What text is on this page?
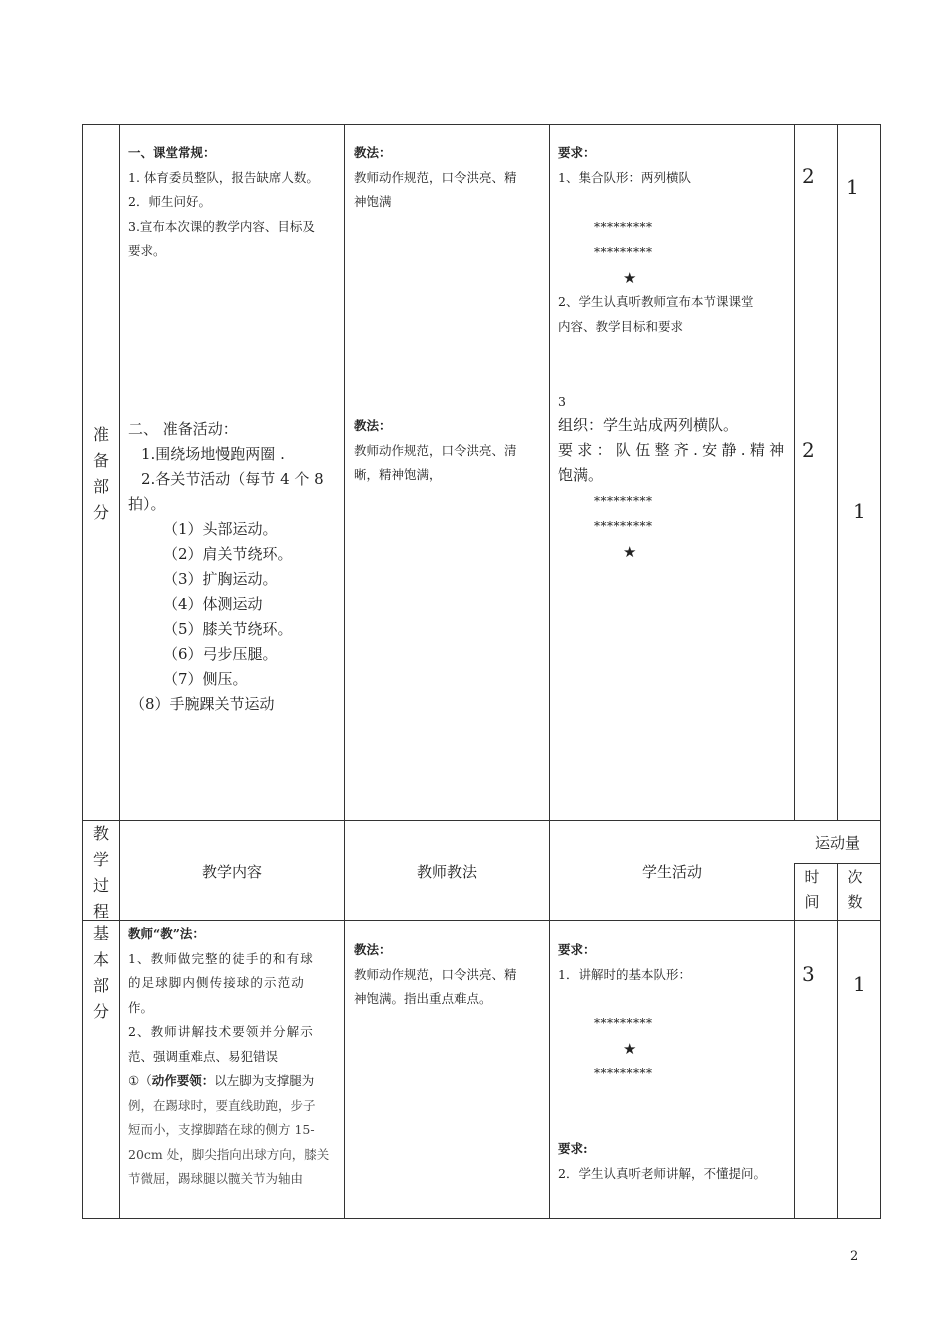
准
备
部
分
一、课堂常规：
1. 体育委员整队，报告缺席人数。
2．师生问好。
3.宣布本次课的教学内容、目标及
要求。
教法：
教师动作规范，口令洪亮、精
神饱满
要求：
1、集合队形：两列横队
*********
*********
★
2、学生认真听教师宣布本节课课堂
内容、教学目标和要求
2 1
二、 准备活动：
1.围绕场地慢跑两圈 .
2.各关节活动（每节 4 个 8
拍）。
（1）头部运动。
（2）肩关节绕环。
（3）扩胸运动。
（4）体测运动
（5）膝关节绕环。
（6）弓步压腿。
（7）侧压。
（8）手腕踝关节运动
教法：
教师动作规范，口令洪亮、清
晰，精神饱满，
3
组织：学生站成两列横队。
要求：队伍整齐.安静.精神
饱满。
*********
*********
★
2
1
教
学
过
程
教学内容	教师教法	学生活动
运动量
时
间
次
数
基
本
部
分
教师“教”法：
1、教师做完整的徒手的和有球
的足球脚内侧传接球的示范动
作。
2、教师讲解技术要领并分解示
范、强调重难点、易犯错误
①（动作要领：以左脚为支撑腿为
例，在踢球时，要直线助跑，步子
短而小，支撑脚踏在球的侧方 15-
20cm 处，脚尖指向出球方向，膝关
节微屈，踢球腿以髋关节为轴由
教法：
教师动作规范，口令洪亮、精
神饱满。指出重点难点。
要求：
1．讲解时的基本队形：
*********
★
*********
要求:
2．学生认真听老师讲解，不懂提问。
3 1
2
